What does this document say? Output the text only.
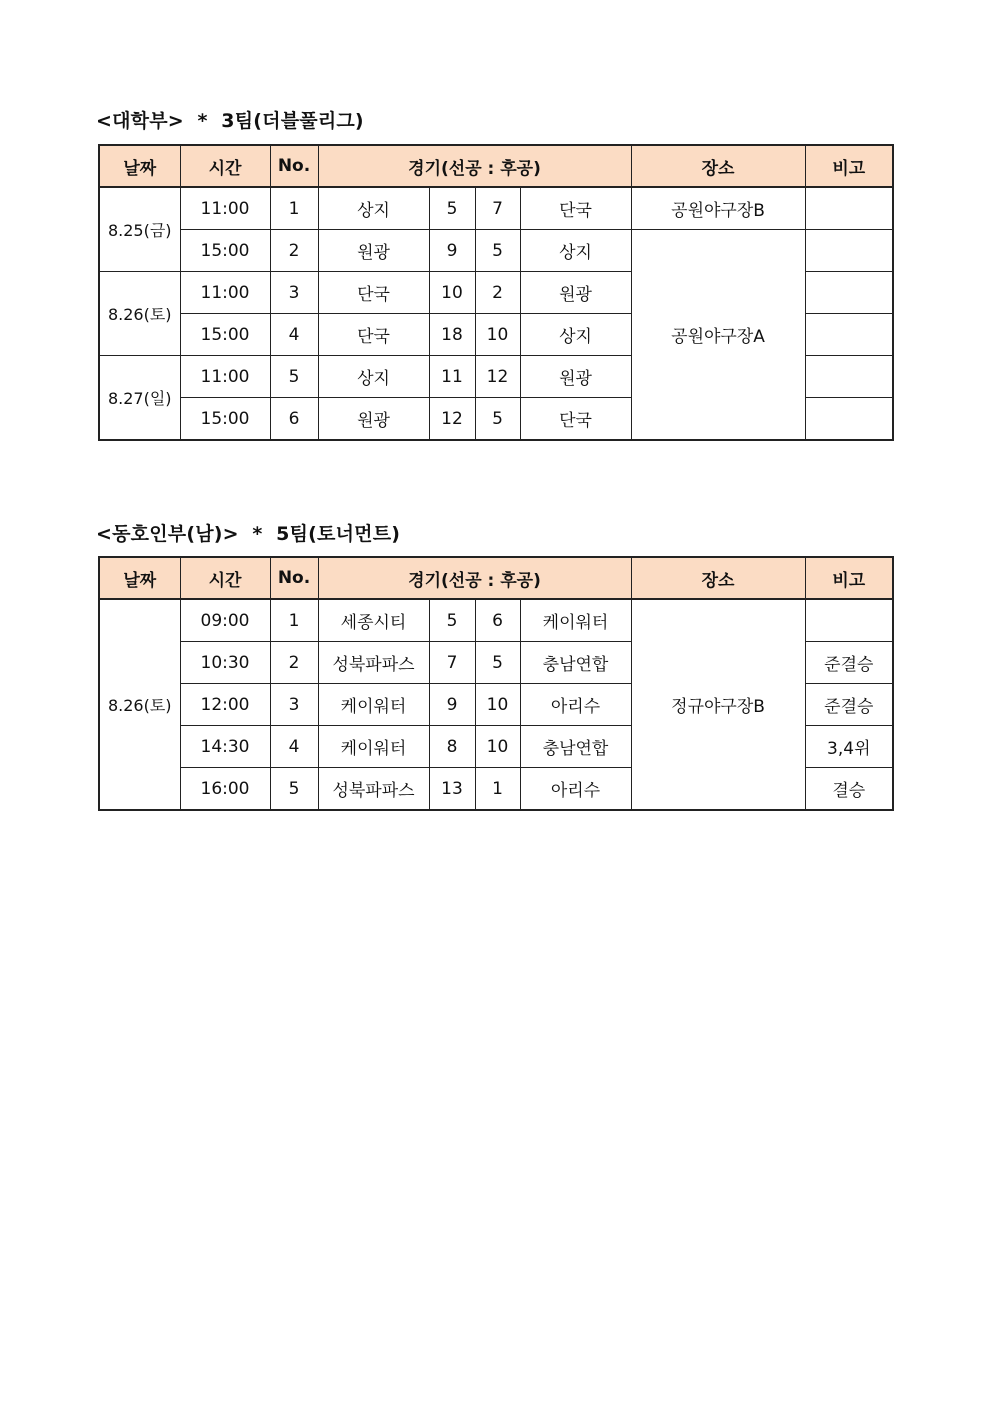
<대학부>  *  3팀(더블풀리그)
날짜	시간	No.	경기(선공 : 후공)				장소	비고
8.25(금)	11:00	1	상지	5	7	단국	공원야구장B	
	15:00	2	원광	9	5	상지	공원야구장A	
8.26(토)	11:00	3	단국	10	2	원광		
	15:00	4	단국	18	10	상지		
8.27(일)	11:00	5	상지	11	12	원광		
	15:00	6	원광	12	5	단국		
<동호인부(남)>  *  5팀(토너먼트)
날짜	시간	No.	경기(선공 : 후공)				장소	비고
8.26(토)	09:00	1	세종시티	5	6	케이워터	정규야구장B	
	10:30	2	성북파파스	7	5	충남연합		준결승
	12:00	3	케이워터	9	10	아리수		준결승
	14:30	4	케이워터	8	10	충남연합		3,4위
	16:00	5	성북파파스	13	1	아리수		결승
